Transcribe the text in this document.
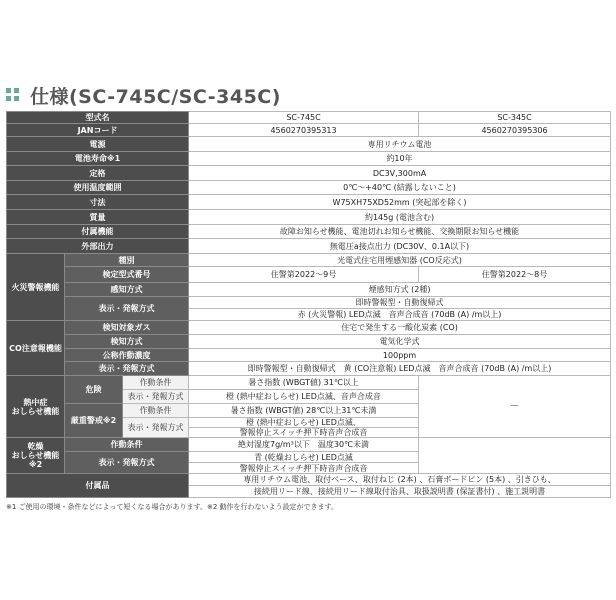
仕様(SC-745C/SC-345C)
型式名			SC-745C	SC-345C
JANコード			4560270395313	4560270395306
電源			専用リチウム電池	
電池寿命※1			約10年	
定格			DC3V,300mA	
使用温度範囲			0℃～+40℃ (結露しないこと)	
寸法			W75XH75XD52mm (突起部を除く)	
質量			約145g (電池含む)	
付属機能			故障お知らせ機能、電池切れお知らせ機能、交換期限お知らせ機能	
外部出力			無電圧a接点出力 (DC30V、0.1A以下)	
火災警報機能	種別		光電式住宅用煙感知器 (CO反応式)	
	検定型式番号		住警第2022～9号	住警第2022～8号
	感知方式		煙感知方式 (2種)	
	表示・発報方式		即時警報型・自動復帰式	
			赤 (火災警報) LED点滅　音声合成音 (70dB (A) /m以上)	
CO注意報機能	検知対象ガス		住宅で発生する一酸化炭素 (CO)	
	検知方式		電気化学式	
	公称作動濃度		100ppm	
	表示・発報方式		即時警報型・自動復帰式　黄 (CO注意報) LED点滅　音声合成音 (70dB (A) /m以上)	
熱中症
おしらせ機能	危険	作動条件	暑さ指数 (WBGT値) 31℃以上	－
		表示・発報方式	橙 (熱中症おしらせ) LED点滅、音声合成音	
	厳重警戒※2	作動条件	暑さ指数 (WBGT値) 28℃以上31℃未満	
		表示・発報方式	橙 (熱中症おしらせ) LED点滅、	
			警報停止スイッチ押下時音声合成音	
乾燥
おしらせ機能
※2	作動条件		絶対湿度7g/m³以下　温度30℃未満	
	表示・発報方式		青 (乾燥おしらせ) LED点滅	
			警報停止スイッチ押下時音声合成音	
付属品			専用リチウム電池、取付ベース、取付ねじ (2本) 、石膏ボードピン (5本) 、引きひも、	
			接続用リード線、接続用リード線取付治具、取扱説明書 (保証書付) 、施工説明書	
※1 ご使用の環境・条件などによって短くなる場合があります。※2 動作を行わないよう設定ができます。
